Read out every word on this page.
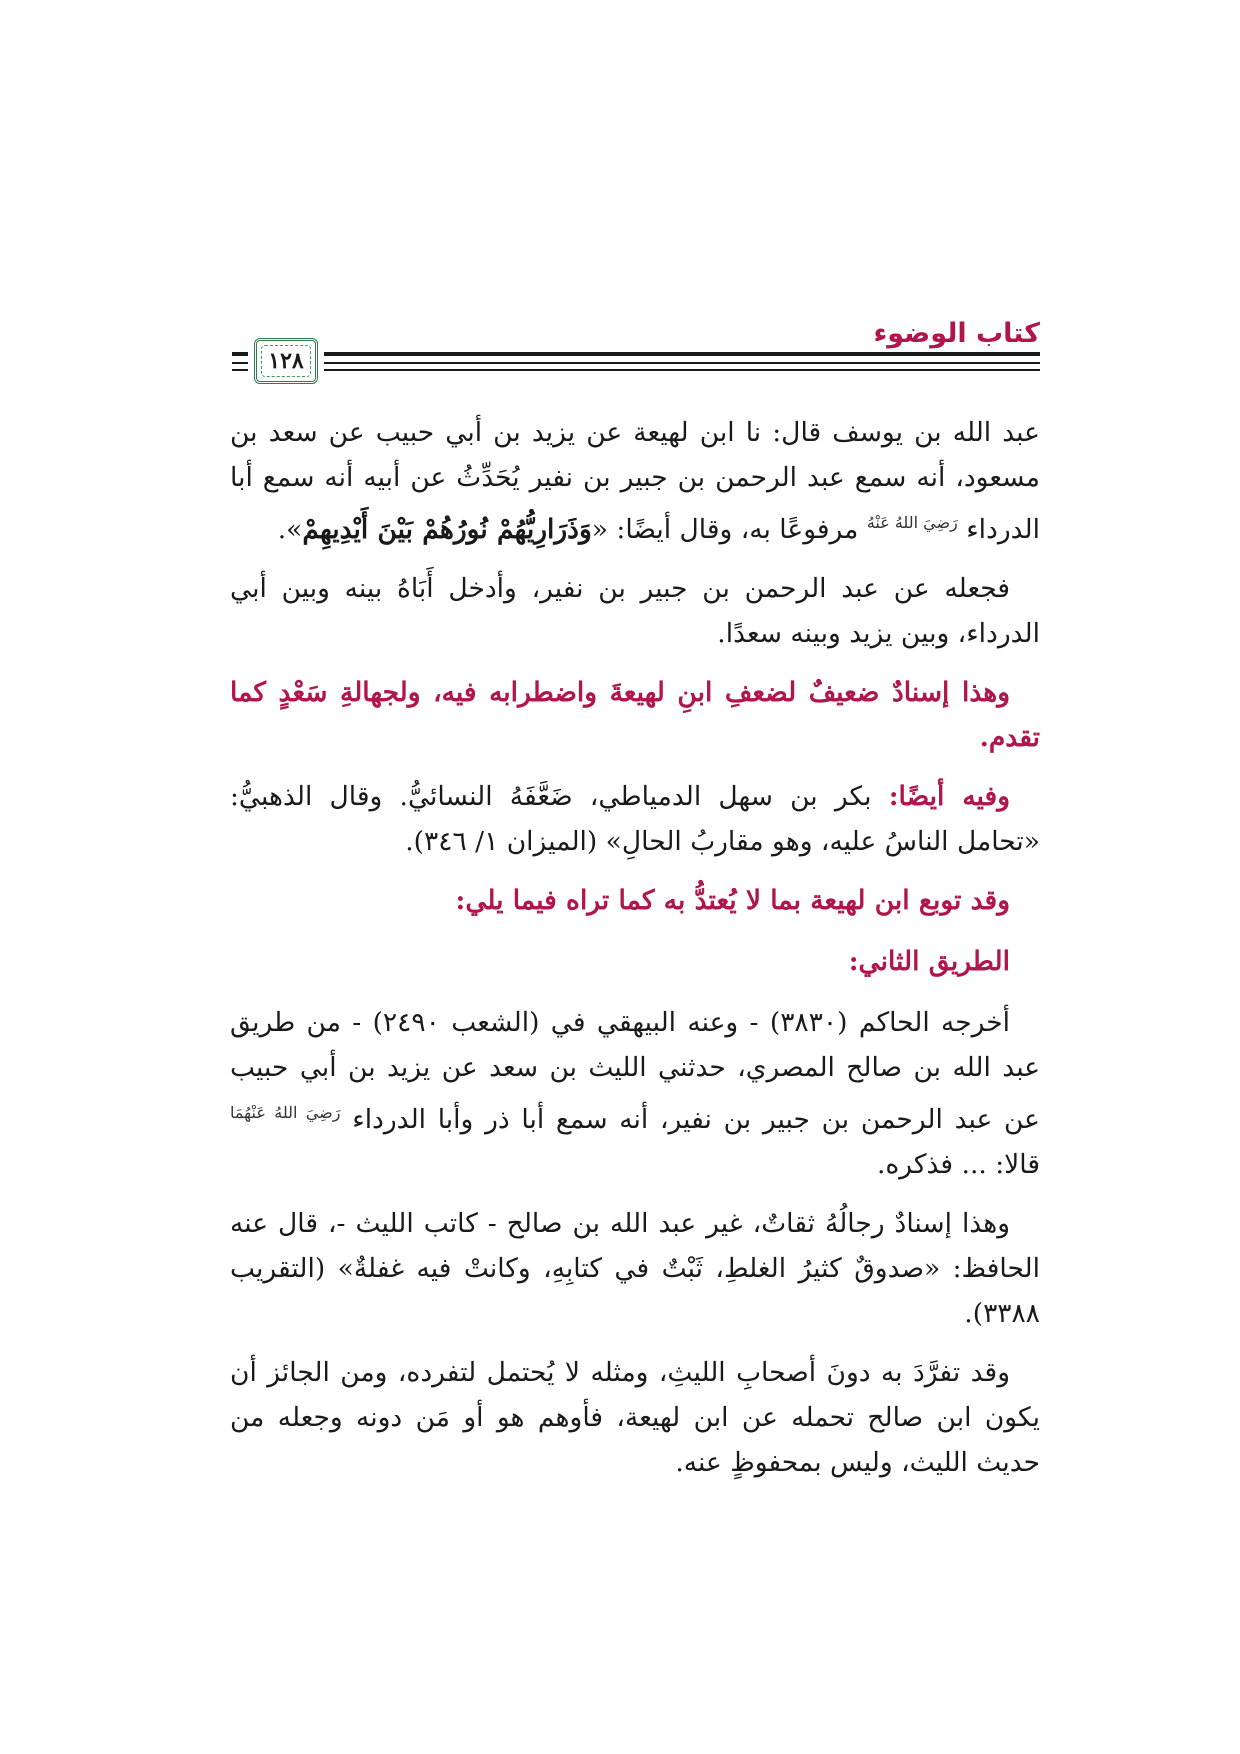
كتاب الوضوء
١٢٨

عبد الله بن يوسف قال: نا ابن لهيعة عن يزيد بن أبي حبيب عن سعد بن مسعود، أنه سمع عبد الرحمن بن جبير بن نفير يُحَدِّثُ عن أبيه أنه سمع أبا الدرداء $^{رَضِيَ اللهُ عَنْهُ}$ مرفوعًا به، وقال أيضًا: «وَذَرَارِيُّهُمْ نُورُهُمْ بَيْنَ أَيْدِيهِمْ».

فجعله عن عبد الرحمن بن جبير بن نفير، وأدخل أَبَاهُ بينه وبين أبي الدرداء، وبين يزيد وبينه سعدًا.

وهذا إسنادٌ ضعيفٌ لضعفِ ابنِ لهيعةَ واضطرابه فيه، ولجهالةِ سَعْدٍ كما تقدم.

وفيه أيضًا: بكر بن سهل الدمياطي، ضَعَّفَهُ النسائيُّ. وقال الذهبيُّ: «تحامل الناسُ عليه، وهو مقاربُ الحالِ» (الميزان ١/ ٣٤٦).

وقد توبع ابن لهيعة بما لا يُعتدُّ به كما تراه فيما يلي:

الطريق الثاني:

أخرجه الحاكم (٣٨٣٠) - وعنه البيهقي في (الشعب ٢٤٩٠) - من طريق عبد الله بن صالح المصري، حدثني الليث بن سعد عن يزيد بن أبي حبيب عن عبد الرحمن بن جبير بن نفير، أنه سمع أبا ذر وأبا الدرداء $^{رَضِيَ اللهُ عَنْهُمَا}$ قالا: ... فذكره.

وهذا إسنادٌ رجالُهُ ثقاتٌ، غير عبد الله بن صالح - كاتب الليث -، قال عنه الحافظ: «صدوقٌ كثيرُ الغلطِ، ثَبْتٌ في كتابِهِ، وكانتْ فيه غفلةٌ» (التقريب ٣٣٨٨).

وقد تفرَّدَ به دونَ أصحابِ الليثِ، ومثله لا يُحتمل لتفرده، ومن الجائز أن يكون ابن صالح تحمله عن ابن لهيعة، فأوهم هو أو مَن دونه وجعله من حديث الليث، وليس بمحفوظٍ عنه.
